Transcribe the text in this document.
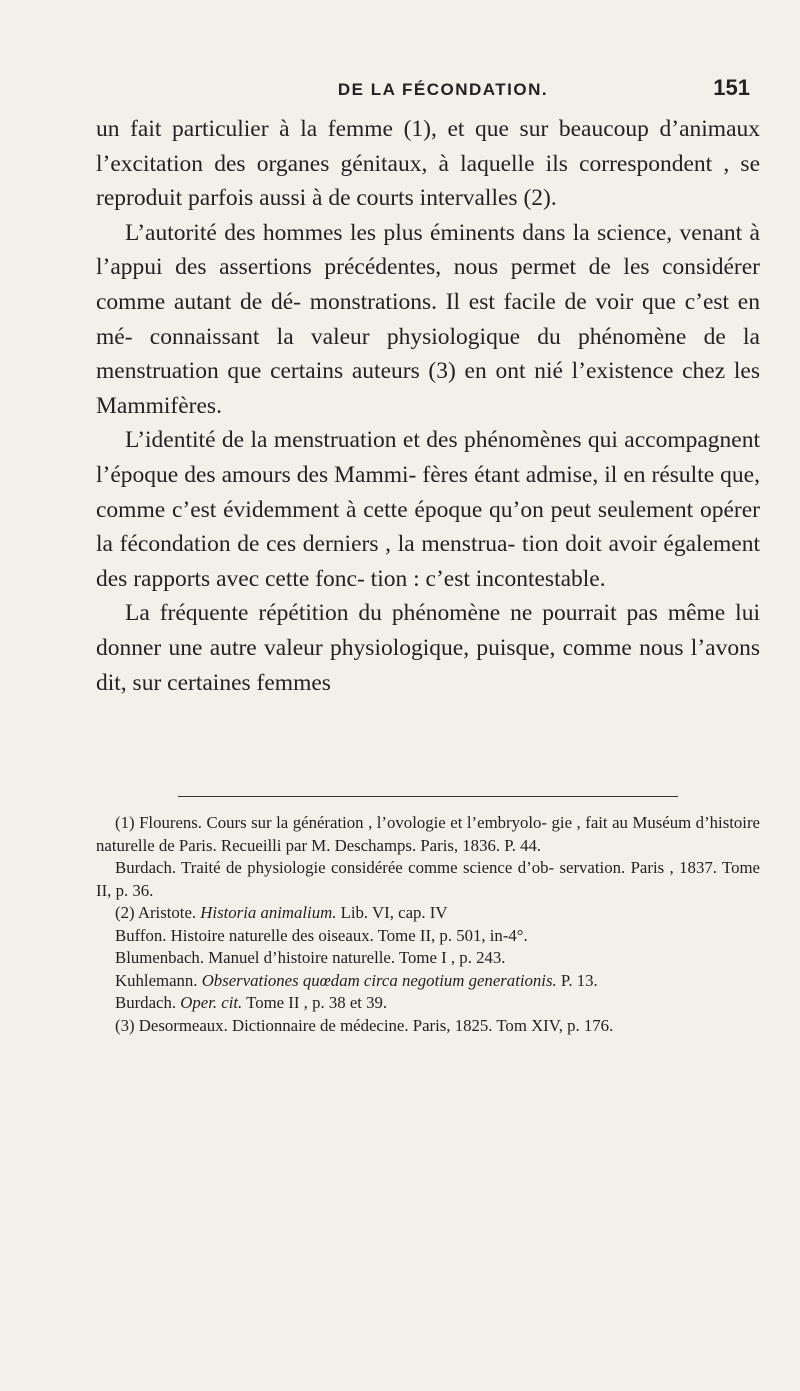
DE LA FÉCONDATION.	151

un fait particulier à la femme (1), et que sur beaucoup d’animaux l’excitation des organes génitaux, à laquelle ils correspondent , se reproduit parfois aussi à de courts intervalles (2).

L’autorité des hommes les plus éminents dans la science, venant à l’appui des assertions précédentes, nous permet de les considérer comme autant de dé- monstrations. Il est facile de voir que c’est en mé- connaissant la valeur physiologique du phénomène de la menstruation que certains auteurs (3) en ont nié l’existence chez les Mammifères.

L’identité de la menstruation et des phénomènes qui accompagnent l’époque des amours des Mammi- fères étant admise, il en résulte que, comme c’est évidemment à cette époque qu’on peut seulement opérer la fécondation de ces derniers , la menstrua- tion doit avoir également des rapports avec cette fonc- tion : c’est incontestable.

La fréquente répétition du phénomène ne pourrait pas même lui donner une autre valeur physiologique, puisque, comme nous l’avons dit, sur certaines femmes

(1) Flourens. Cours sur la génération , l’ovologie et l’embryolo- gie , fait au Muséum d’histoire naturelle de Paris. Recueilli par M. Deschamps. Paris, 1836. P. 44.

Burdach. Traité de physiologie considérée comme science d’ob- servation. Paris , 1837. Tome II, p. 36.

(2) Aristote. Historia animalium. Lib. VI, cap. IV

Buffon. Histoire naturelle des oiseaux. Tome II, p. 501, in-4°.

Blumenbach. Manuel d’histoire naturelle. Tome I , p. 243.

Kuhlemann. Observationes quœdam circa negotium generationis. P. 13.

Burdach. Oper. cit. Tome II , p. 38 et 39.

(3) Desormeaux. Dictionnaire de médecine. Paris, 1825. Tom XIV, p. 176.
